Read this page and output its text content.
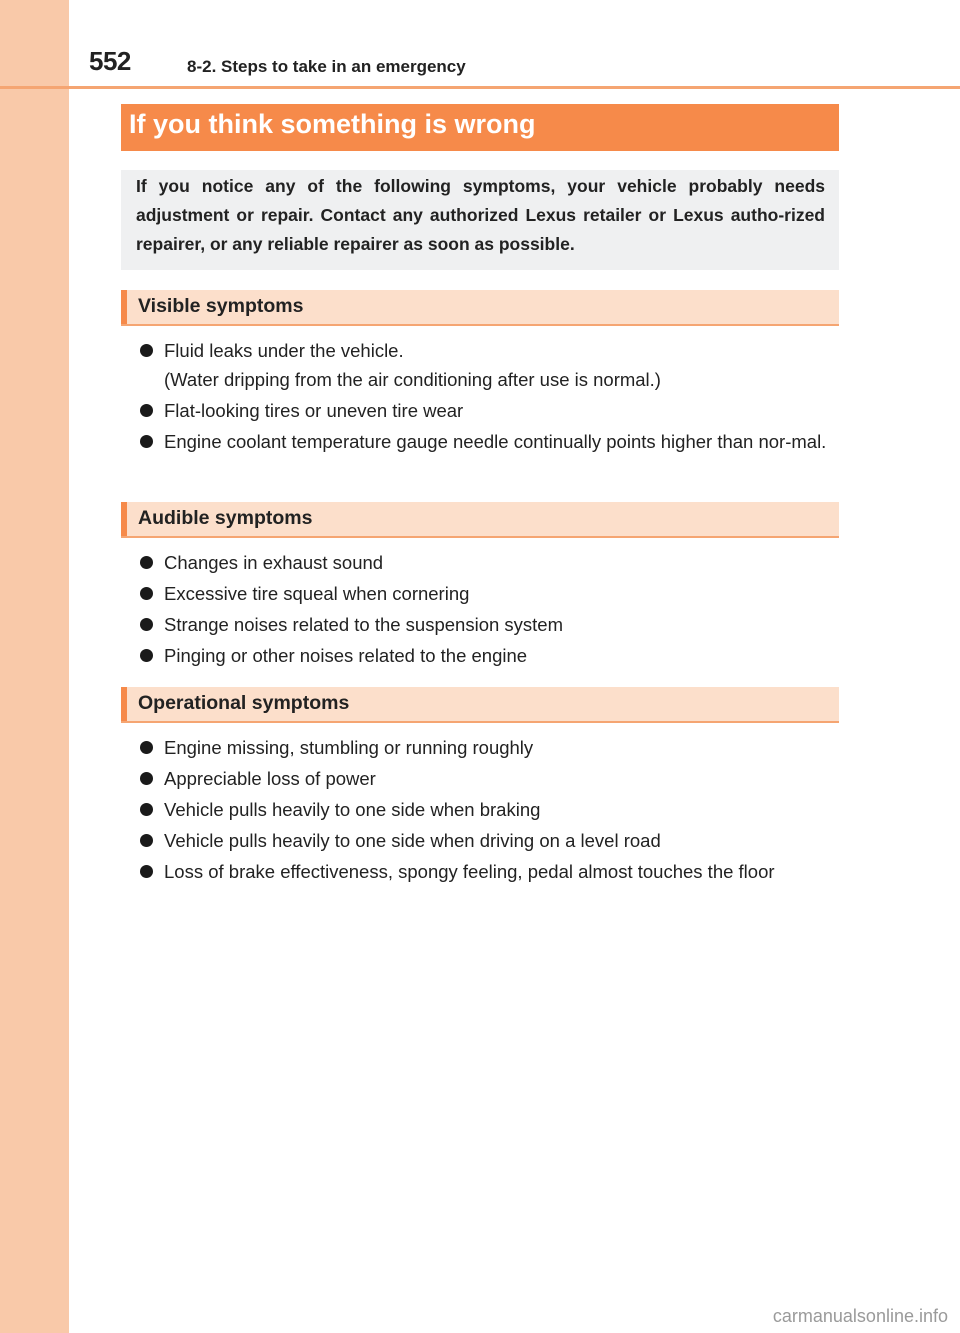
552	8-2. Steps to take in an emergency
If you think something is wrong
If you notice any of the following symptoms, your vehicle probably needs adjustment or repair. Contact any authorized Lexus retailer or Lexus autho-rized repairer, or any reliable repairer as soon as possible.
Visible symptoms
Fluid leaks under the vehicle.
(Water dripping from the air conditioning after use is normal.)
Flat-looking tires or uneven tire wear
Engine coolant temperature gauge needle continually points higher than nor-mal.
Audible symptoms
Changes in exhaust sound
Excessive tire squeal when cornering
Strange noises related to the suspension system
Pinging or other noises related to the engine
Operational symptoms
Engine missing, stumbling or running roughly
Appreciable loss of power
Vehicle pulls heavily to one side when braking
Vehicle pulls heavily to one side when driving on a level road
Loss of brake effectiveness, spongy feeling, pedal almost touches the floor
carmanualsonline.info
